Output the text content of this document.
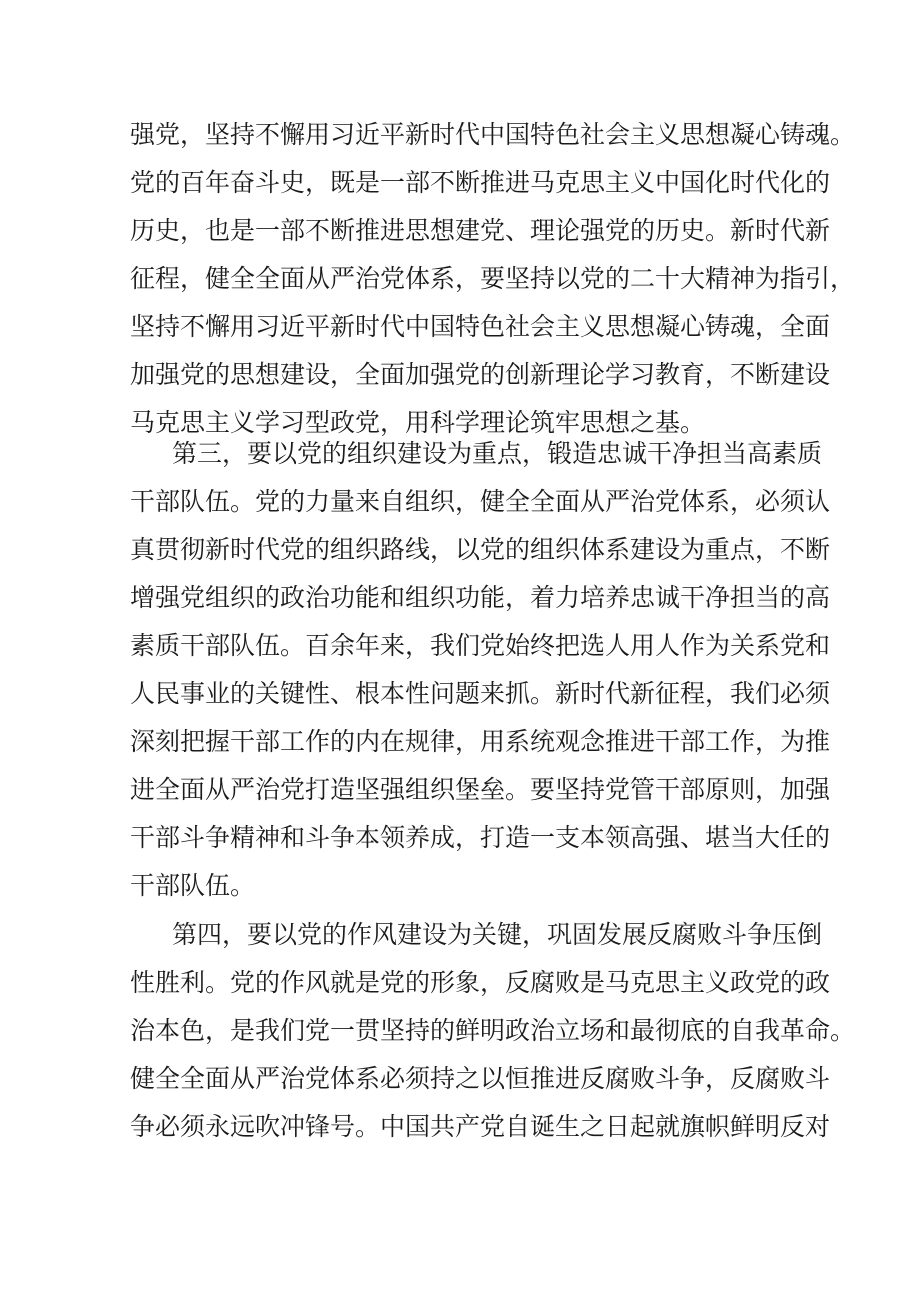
强党，坚持不懈用习近平新时代中国特色社会主义思想凝心铸魂。
党的百年奋斗史，既是一部不断推进马克思主义中国化时代化的
历史，也是一部不断推进思想建党、理论强党的历史。新时代新
征程，健全全面从严治党体系，要坚持以党的二十大精神为指引，
坚持不懈用习近平新时代中国特色社会主义思想凝心铸魂，全面
加强党的思想建设，全面加强党的创新理论学习教育，不断建设
马克思主义学习型政党，用科学理论筑牢思想之基。
第三，要以党的组织建设为重点，锻造忠诚干净担当高素质
干部队伍。党的力量来自组织，健全全面从严治党体系，必须认
真贯彻新时代党的组织路线，以党的组织体系建设为重点，不断
增强党组织的政治功能和组织功能，着力培养忠诚干净担当的高
素质干部队伍。百余年来，我们党始终把选人用人作为关系党和
人民事业的关键性、根本性问题来抓。新时代新征程，我们必须
深刻把握干部工作的内在规律，用系统观念推进干部工作，为推
进全面从严治党打造坚强组织堡垒。要坚持党管干部原则，加强
干部斗争精神和斗争本领养成，打造一支本领高强、堪当大任的
干部队伍。
第四，要以党的作风建设为关键，巩固发展反腐败斗争压倒
性胜利。党的作风就是党的形象，反腐败是马克思主义政党的政
治本色，是我们党一贯坚持的鲜明政治立场和最彻底的自我革命。
健全全面从严治党体系必须持之以恒推进反腐败斗争，反腐败斗
争必须永远吹冲锋号。中国共产党自诞生之日起就旗帜鲜明反对
